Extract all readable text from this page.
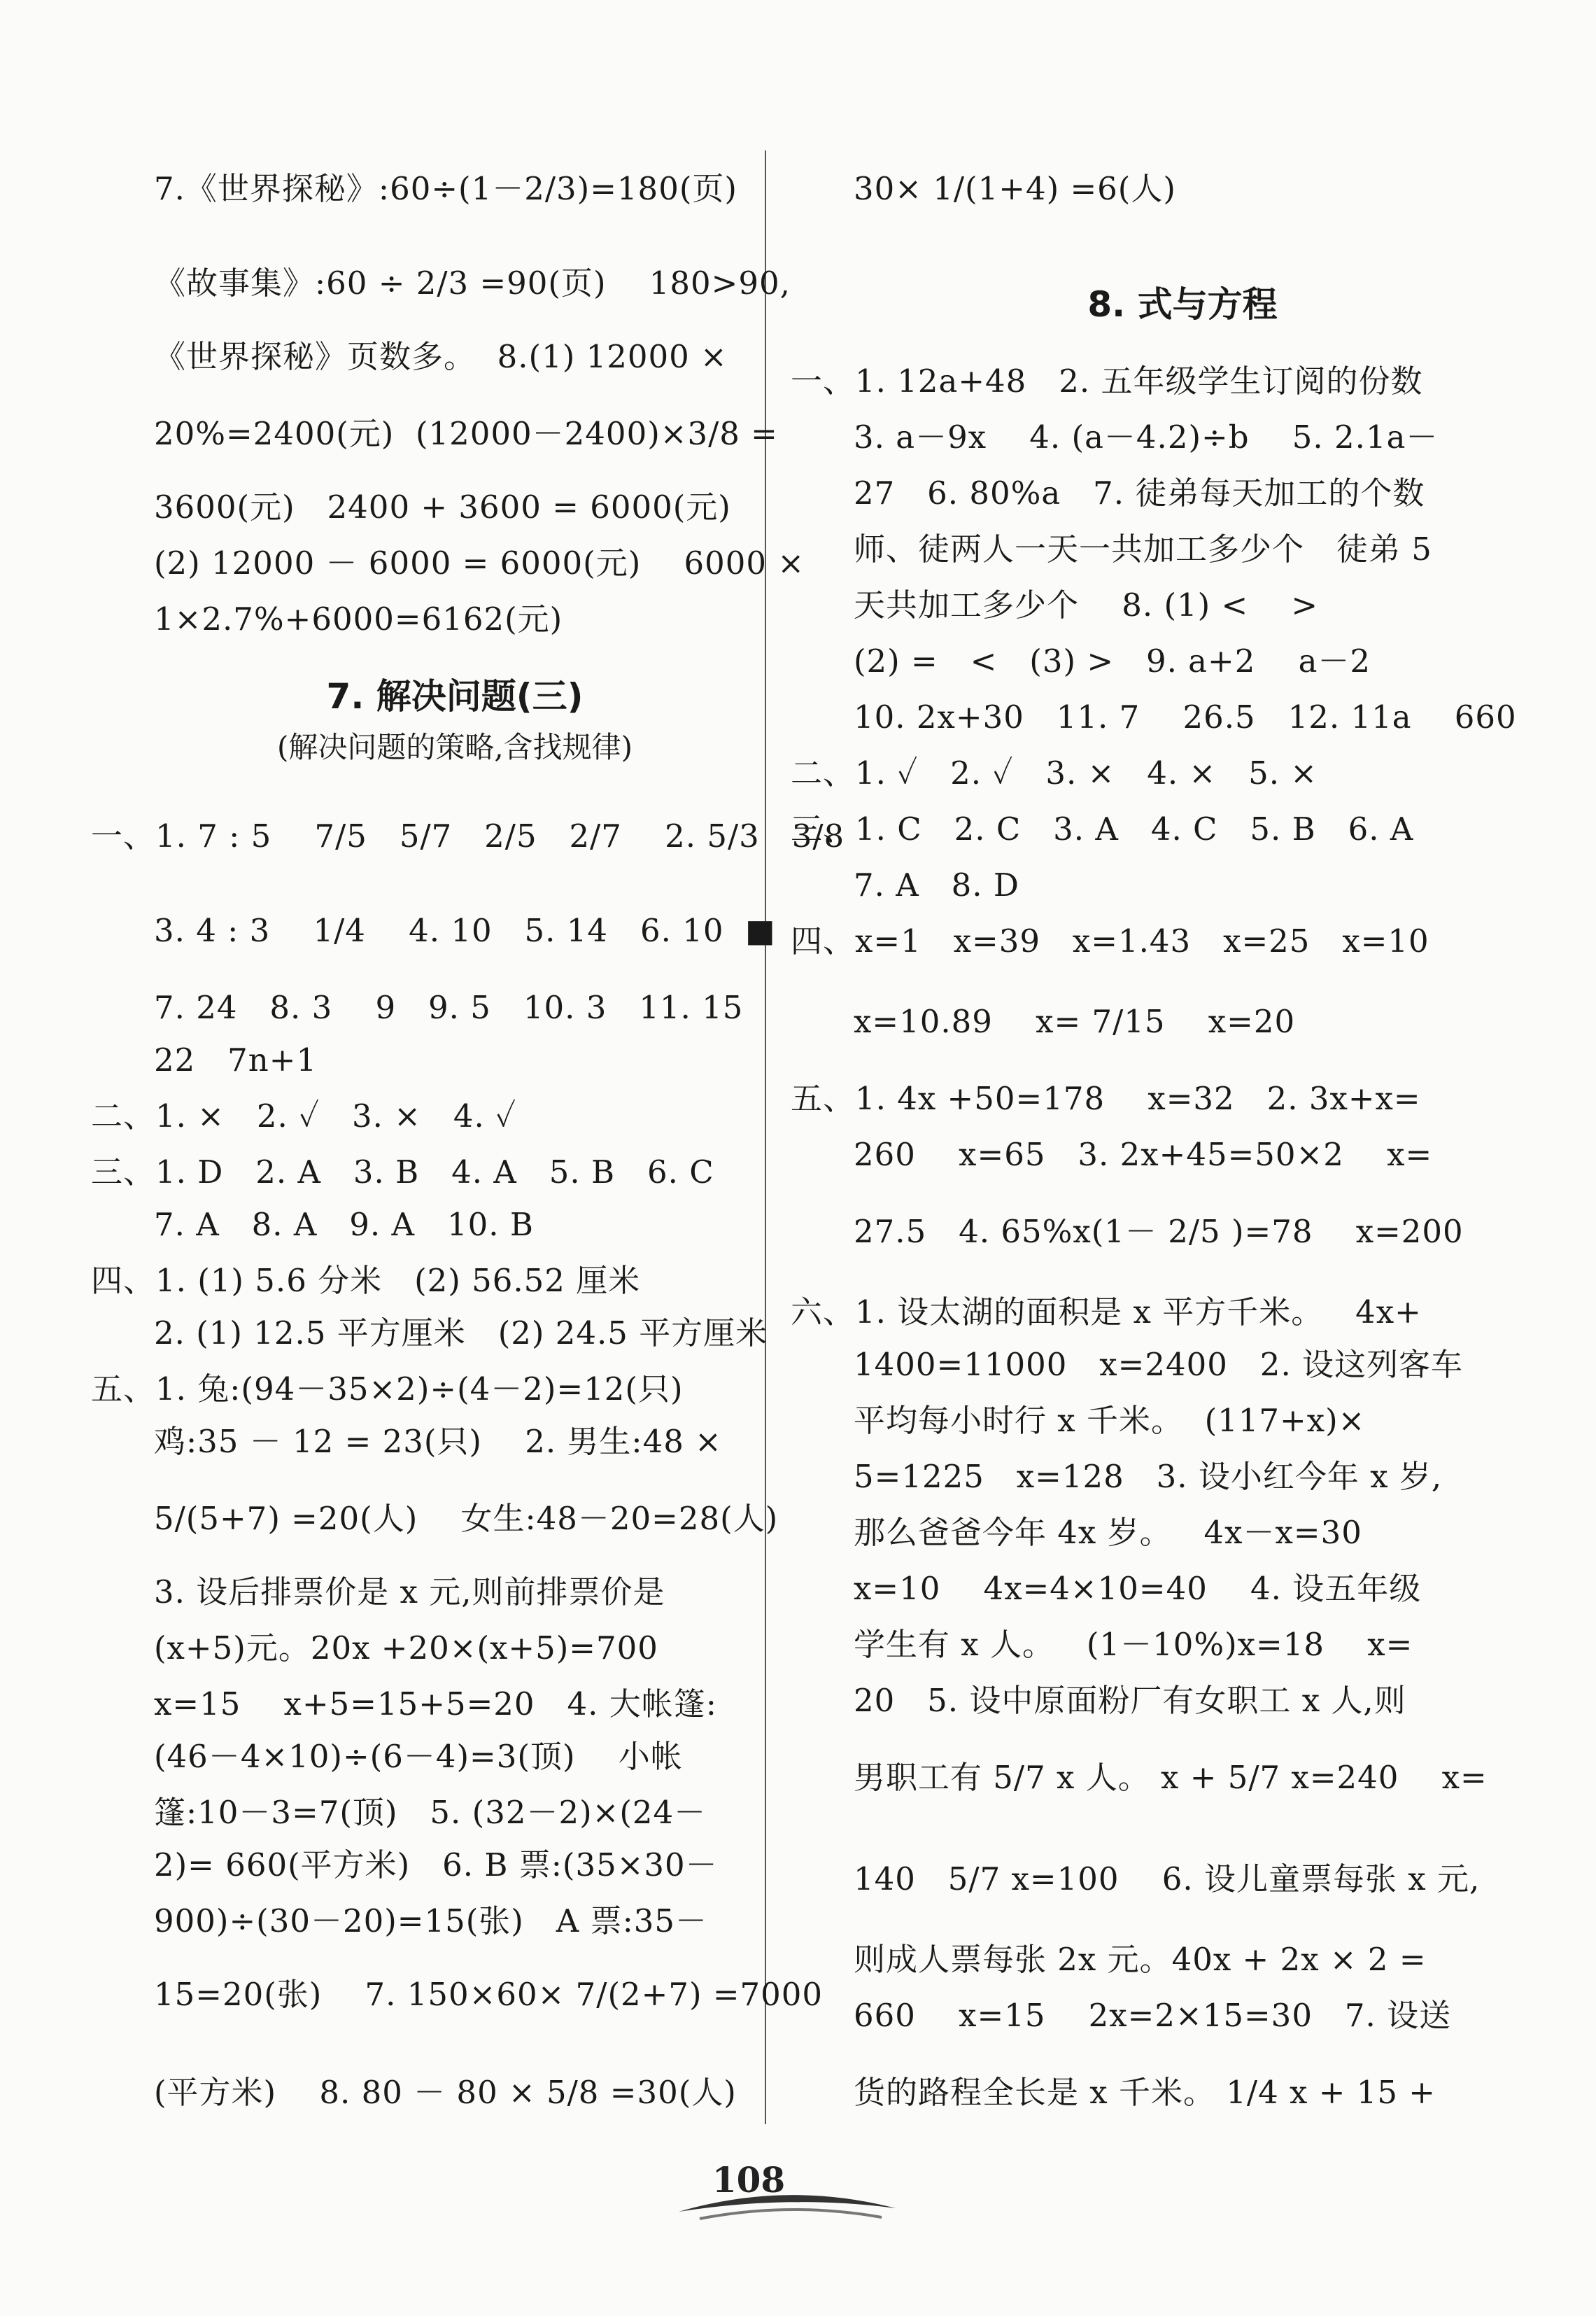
7.《世界探秘》:60÷(1－2/3)=180(页)
《故事集》:60 ÷ 2/3 =90(页)    180>90,
《世界探秘》页数多。  8.(1) 12000 ×
20%=2400(元)  (12000－2400)×3/8 =
3600(元)   2400 + 3600 = 6000(元)
(2) 12000 － 6000 = 6000(元)    6000 ×
1×2.7%+6000=6162(元)
7. 解决问题(三)
(解决问题的策略,含找规律)
一、1. 7 : 5    7/5   5/7   2/5   2/7    2. 5/3   3/8
3. 4 : 3    1/4    4. 10   5. 14   6. 10  ■
7. 24   8. 3    9   9. 5   10. 3   11. 15
22   7n+1
二、1. ×   2. ✓   3. ×   4. ✓
三、1. D   2. A   3. B   4. A   5. B   6. C
7. A   8. A   9. A   10. B
四、1. (1) 5.6 分米   (2) 56.52 厘米
2. (1) 12.5 平方厘米   (2) 24.5 平方厘米
五、1. 兔:(94－35×2)÷(4－2)=12(只)
鸡:35 － 12 = 23(只)    2. 男生:48 ×
5/(5+7) =20(人)    女生:48－20=28(人)
3. 设后排票价是 x 元,则前排票价是
(x+5)元。20x +20×(x+5)=700
x=15    x+5=15+5=20   4. 大帐篷:
(46－4×10)÷(6－4)=3(顶)    小帐
篷:10－3=7(顶)   5. (32－2)×(24－
2)= 660(平方米)   6. B 票:(35×30－
900)÷(30－20)=15(张)   A 票:35－
15=20(张)    7. 150×60× 7/(2+7) =7000
(平方米)    8. 80 － 80 × 5/8 =30(人)
30× 1/(1+4) =6(人)
8. 式与方程
一、1. 12a+48   2. 五年级学生订阅的份数
3. a－9x    4. (a－4.2)÷b    5. 2.1a－
27   6. 80%a   7. 徒弟每天加工的个数
师、徒两人一天一共加工多少个   徒弟 5
天共加工多少个    8. (1) <    >
(2) =   <   (3) >   9. a+2    a－2
10. 2x+30   11. 7    26.5   12. 11a    660
二、1. ✓   2. ✓   3. ×   4. ×   5. ×
三、1. C   2. C   3. A   4. C   5. B   6. A
7. A   8. D
四、x=1   x=39   x=1.43   x=25   x=10
x=10.89    x= 7/15    x=20
五、1. 4x +50=178    x=32   2. 3x+x=
260    x=65   3. 2x+45=50×2    x=
27.5   4. 65%x(1－ 2/5 )=78    x=200
六、1. 设太湖的面积是 x 平方千米。   4x+
1400=11000   x=2400   2. 设这列客车
平均每小时行 x 千米。  (117+x)×
5=1225   x=128   3. 设小红今年 x 岁,
那么爸爸今年 4x 岁。   4x－x=30
x=10    4x=4×10=40    4. 设五年级
学生有 x 人。   (1－10%)x=18    x=
20   5. 设中原面粉厂有女职工 x 人,则
男职工有 5/7 x 人。 x + 5/7 x=240    x=
140   5/7 x=100    6. 设儿童票每张 x 元,
则成人票每张 2x 元。40x + 2x × 2 =
660    x=15    2x=2×15=30   7. 设送
货的路程全长是 x 千米。 1/4 x + 15 +
108
